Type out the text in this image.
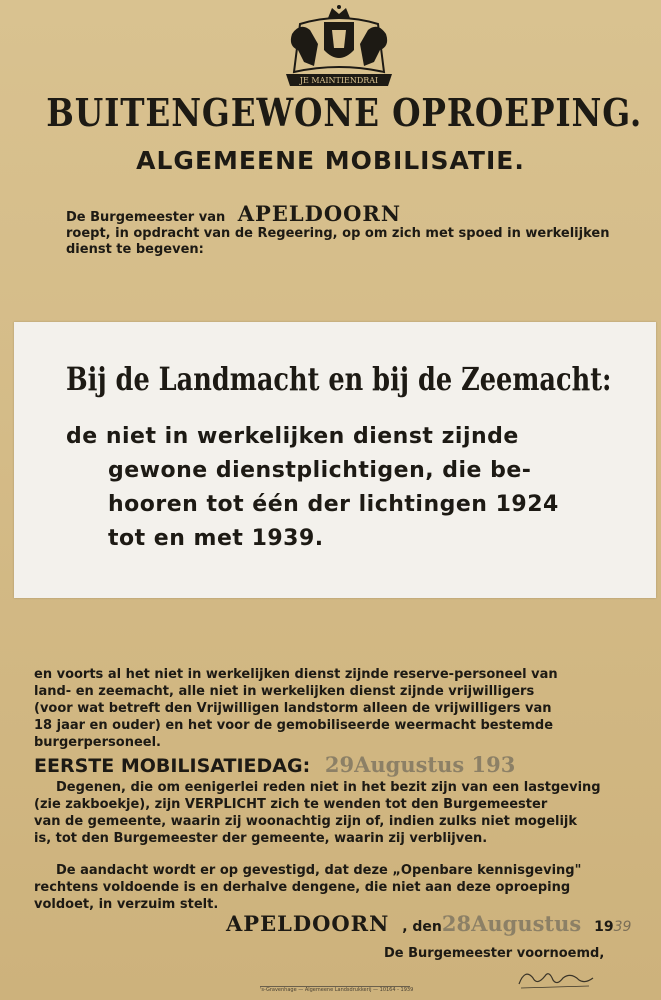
JE MAINTIENDRAI
BUITENGEWONE OPROEPING.
ALGEMEENE MOBILISATIE.
De Burgemeester van APELDOORN
roept, in opdracht van de Regeering, op om zich met spoed in werkelijken
dienst te begeven:
Bij de Landmacht en bij de Zeemacht:
de niet in werkelijken dienst zijnde
gewone dienstplichtigen, die be-
hooren tot één der lichtingen 1924
tot en met 1939.
en voorts al het niet in werkelijken dienst zijnde reserve-personeel van
land- en zeemacht, alle niet in werkelijken dienst zijnde vrijwilligers
(voor wat betreft den Vrijwilligen landstorm alleen de vrijwilligers van
18 jaar en ouder) en het voor de gemobiliseerde weermacht bestemde
burgerpersoneel.
EERSTE MOBILISATIEDAG: 29Augustus 193
Degenen, die om eenigerlei reden niet in het bezit zijn van een lastgeving
(zie zakboekje), zijn VERPLICHT zich te wenden tot den Burgemeester
van de gemeente, waarin zij woonachtig zijn of, indien zulks niet mogelijk
is, tot den Burgemeester der gemeente, waarin zij verblijven.
De aandacht wordt er op gevestigd, dat deze „Openbare kennisgeving"
rechtens voldoende is en derhalve dengene, die niet aan deze oproeping
voldoet, in verzuim stelt.
APELDOORN , den28Augustus 1939
De Burgemeester voornoemd,
's-Gravenhage — Algemeene Landsdrukkerij — 10164 - 1939
